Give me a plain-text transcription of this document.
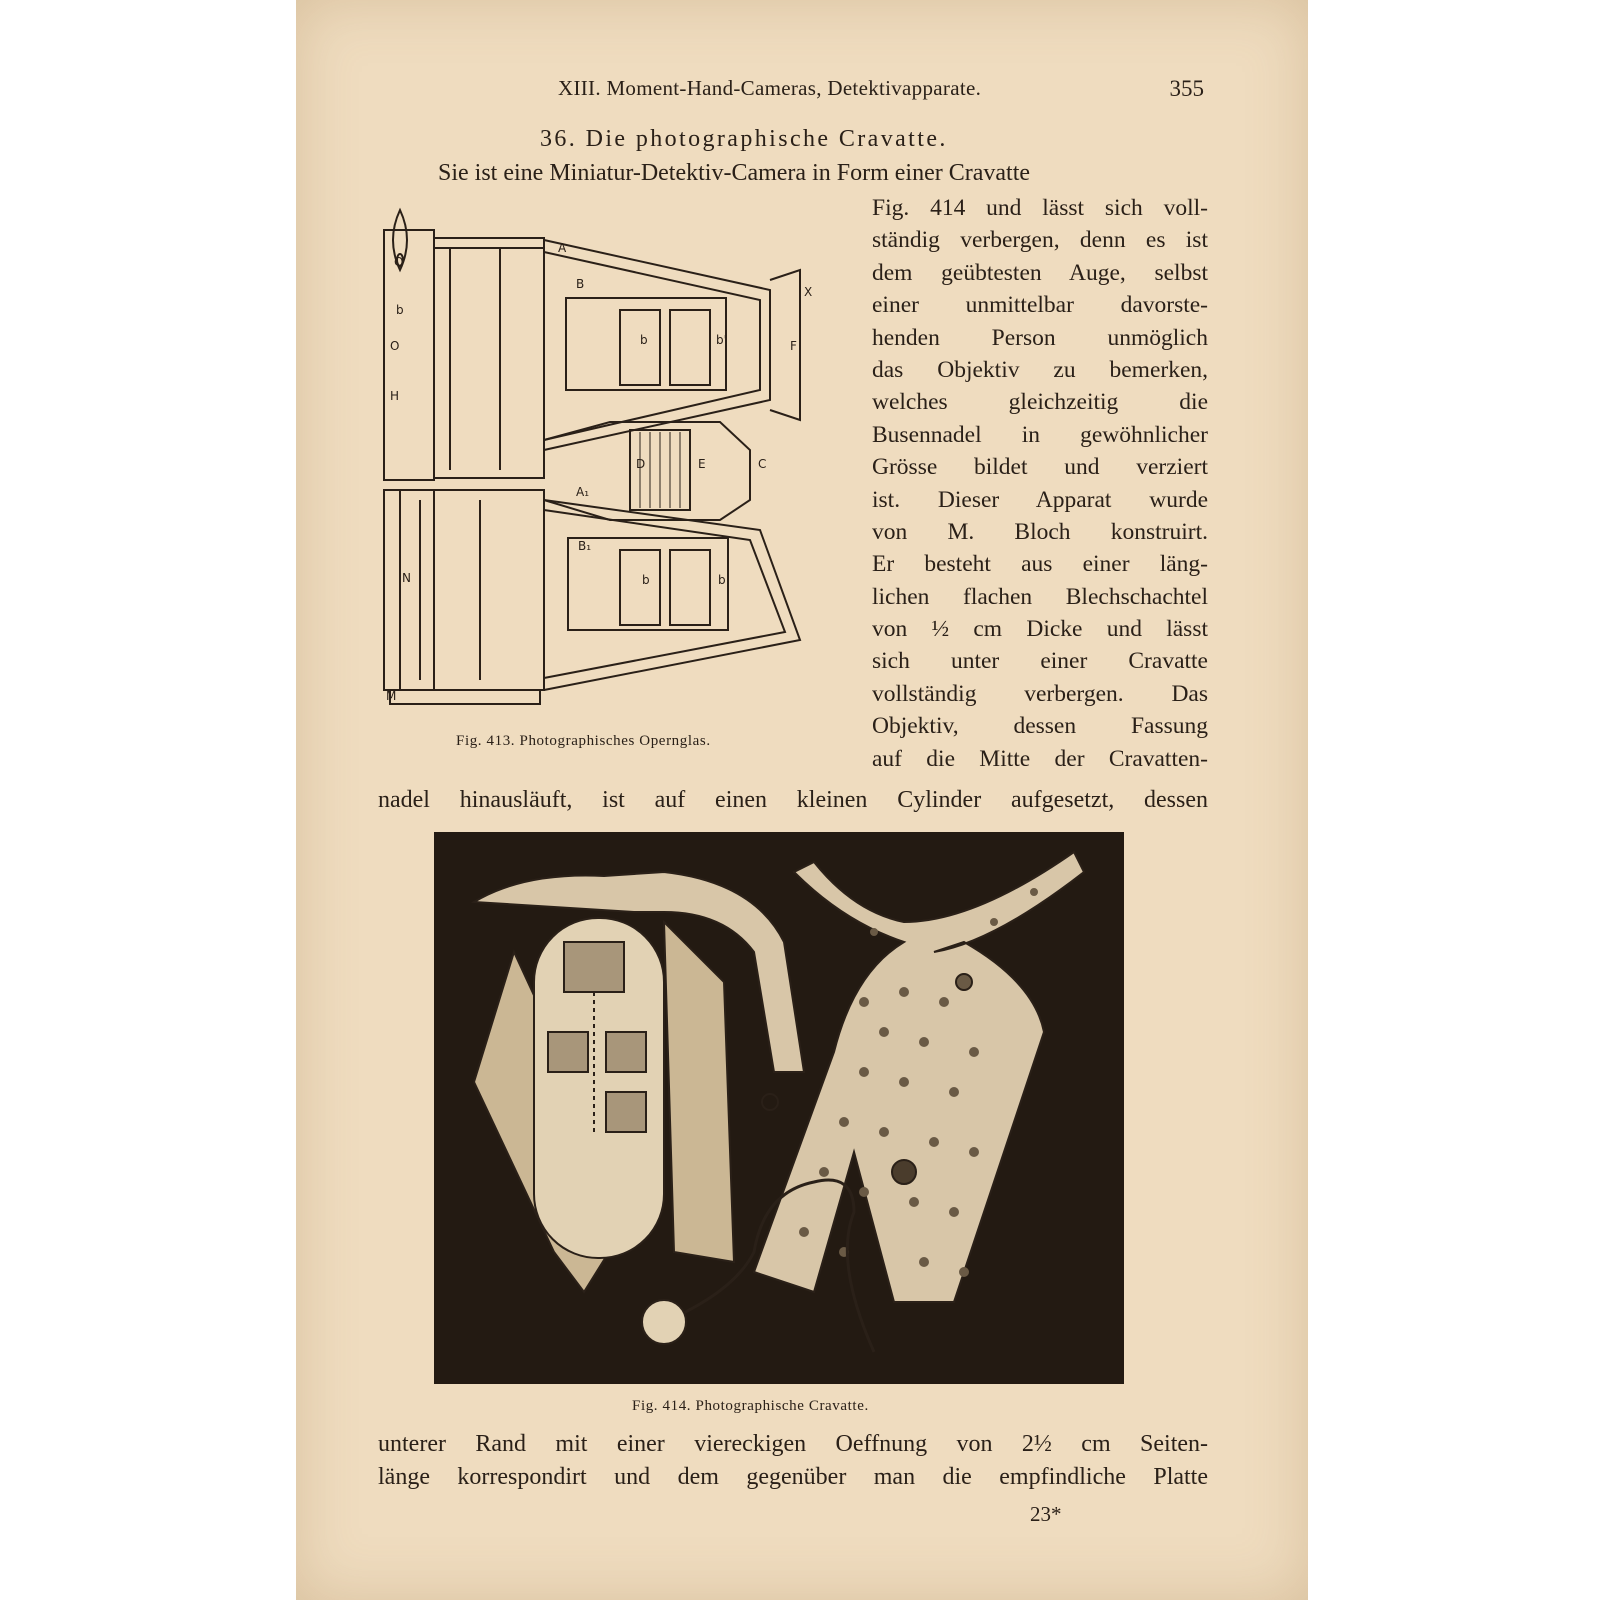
XIII. Moment-Hand-Cameras, Detektivapparate.	355
36. Die photographische Cravatte.
Sie ist eine Miniatur-Detektiv-Camera in Form einer Cravatte
O
b
O
H
A
B
b	b'
X
F
D	E	C
A₁
B₁
N	b	b
M
Fig. 413. Photographisches Opernglas.
Fig. 414 und lässt sich voll-
ständig verbergen, denn es ist
dem geübtesten Auge, selbst
einer unmittelbar davorste-
henden Person unmöglich
das Objektiv zu bemerken,
welches gleichzeitig die
Busennadel in gewöhnlicher
Grösse bildet und verziert
ist. Dieser Apparat wurde
von M. Bloch konstruirt.
Er besteht aus einer läng-
lichen flachen Blechschachtel
von ½ cm Dicke und lässt
sich unter einer Cravatte
vollständig verbergen. Das
Objektiv, dessen Fassung
auf die Mitte der Cravatten-
nadel hinausläuft, ist auf einen kleinen Cylinder aufgesetzt, dessen
Fig. 414. Photographische Cravatte.
unterer Rand mit einer viereckigen Oeffnung von 2½ cm Seiten-
länge korrespondirt und dem gegenüber man die empfindliche Platte
23*
